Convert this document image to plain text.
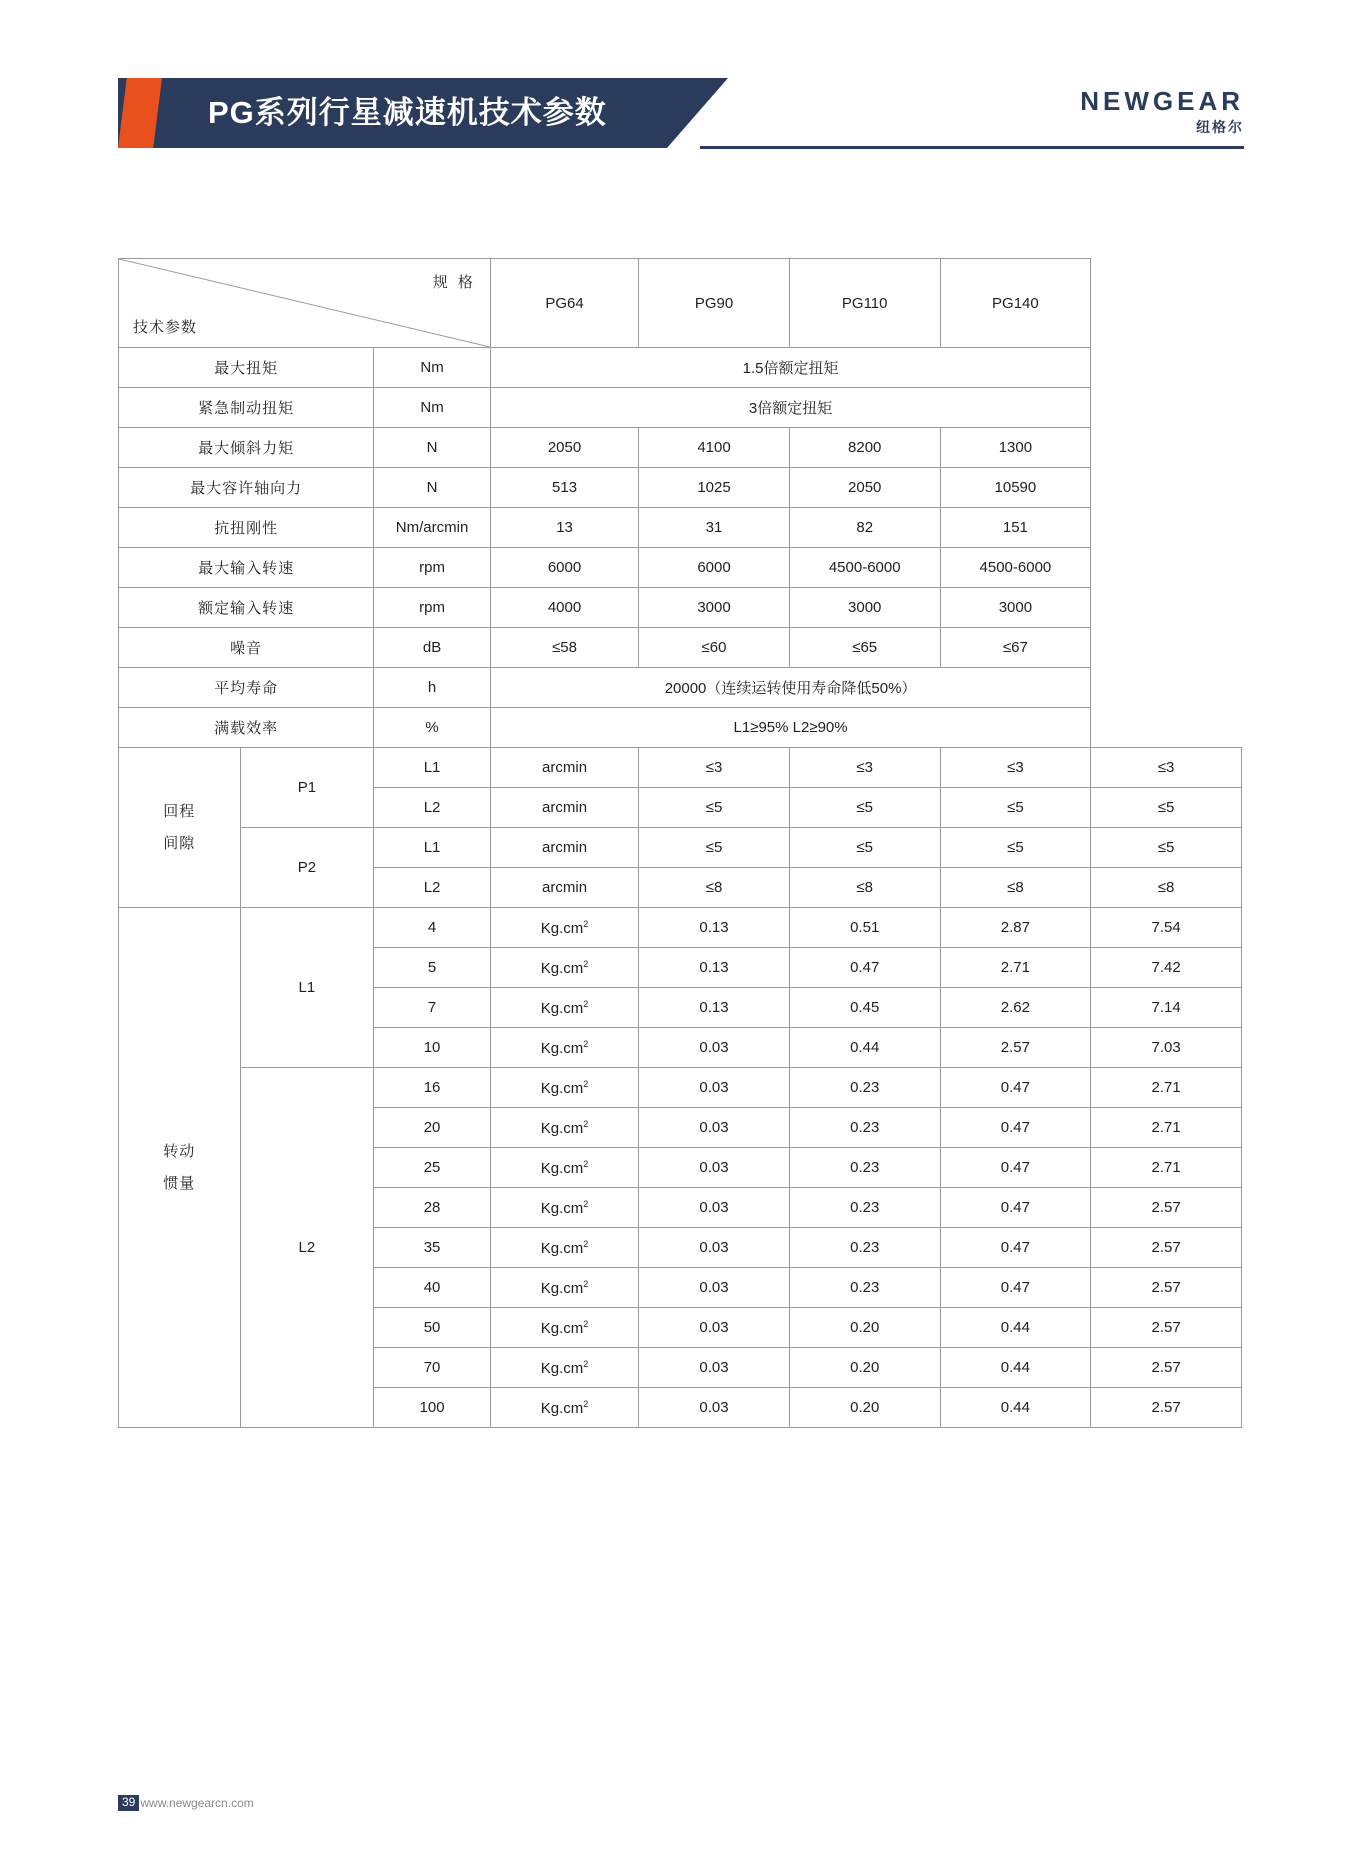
PG系列行星减速机技术参数	NEWGEAR
纽格尔
规 格
技术参数			PG64	PG90	PG110	PG140
最大扭矩		Nm	1.5倍额定扭矩				
紧急制动扭矩		Nm	3倍额定扭矩				
最大倾斜力矩		N	2050	4100	8200	1300	
最大容许轴向力		N	513	1025	2050	10590	
抗扭刚性		Nm/arcmin	13	31	82	151	
最大输入转速		rpm	6000	6000	4500-6000	4500-6000	
额定输入转速		rpm	4000	3000	3000	3000	
噪音		dB	≤58	≤60	≤65	≤67	
平均寿命		h	20000（连续运转使用寿命降低50%）				
满载效率		%	L1≥95% L2≥90%				

回程
间隙	P1	L1	arcmin	≤3	≤3	≤3	≤3
		L2	arcmin	≤5	≤5	≤5	≤5
	P2	L1	arcmin	≤5	≤5	≤5	≤5
		L2	arcmin	≤8	≤8	≤8	≤8

转动
惯量	L1	4	$Kg.cm^2$	0.13	0.51	2.87	7.54
		5	$Kg.cm^2$	0.13	0.47	2.71	7.42
		7	$Kg.cm^2$	0.13	0.45	2.62	7.14
		10	$Kg.cm^2$	0.03	0.44	2.57	7.03
	L2	16	$Kg.cm^2$	0.03	0.23	0.47	2.71
		20	$Kg.cm^2$	0.03	0.23	0.47	2.71
		25	$Kg.cm^2$	0.03	0.23	0.47	2.71
		28	$Kg.cm^2$	0.03	0.23	0.47	2.57
		35	$Kg.cm^2$	0.03	0.23	0.47	2.57
		40	$Kg.cm^2$	0.03	0.23	0.47	2.57
		50	$Kg.cm^2$	0.03	0.20	0.44	2.57
		70	$Kg.cm^2$	0.03	0.20	0.44	2.57
		100	$Kg.cm^2$	0.03	0.20	0.44	2.57
39 www.newgearcn.com
